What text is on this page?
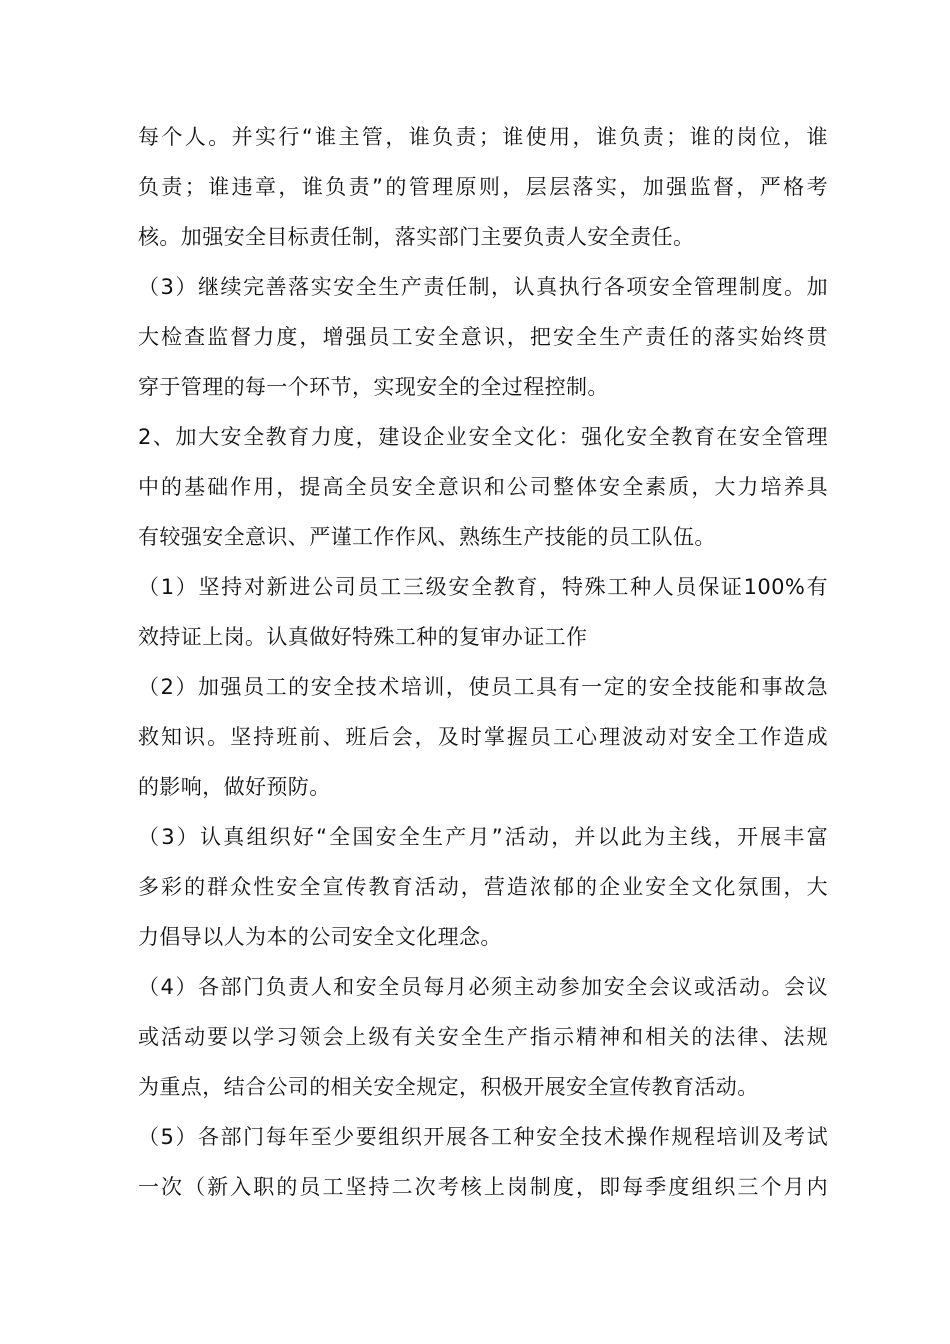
每个人。并实行“谁主管，谁负责；谁使用，谁负责；谁的岗位，谁
负责；谁违章，谁负责”的管理原则，层层落实，加强监督，严格考
核。加强安全目标责任制，落实部门主要负责人安全责任。
（3）继续完善落实安全生产责任制，认真执行各项安全管理制度。加
大检查监督力度，增强员工安全意识，把安全生产责任的落实始终贯
穿于管理的每一个环节，实现安全的全过程控制。
2、加大安全教育力度，建设企业安全文化：强化安全教育在安全管理
中的基础作用，提高全员安全意识和公司整体安全素质，大力培养具
有较强安全意识、严谨工作作风、熟练生产技能的员工队伍。
（1）坚持对新进公司员工三级安全教育，特殊工种人员保证100%有
效持证上岗。认真做好特殊工种的复审办证工作
（2）加强员工的安全技术培训，使员工具有一定的安全技能和事故急
救知识。坚持班前、班后会，及时掌握员工心理波动对安全工作造成
的影响，做好预防。
（3）认真组织好“全国安全生产月”活动，并以此为主线，开展丰富
多彩的群众性安全宣传教育活动，营造浓郁的企业安全文化氛围，大
力倡导以人为本的公司安全文化理念。
（4）各部门负责人和安全员每月必须主动参加安全会议或活动。会议
或活动要以学习领会上级有关安全生产指示精神和相关的法律、法规
为重点，结合公司的相关安全规定，积极开展安全宣传教育活动。
（5）各部门每年至少要组织开展各工种安全技术操作规程培训及考试
一次（新入职的员工坚持二次考核上岗制度，即每季度组织三个月内
